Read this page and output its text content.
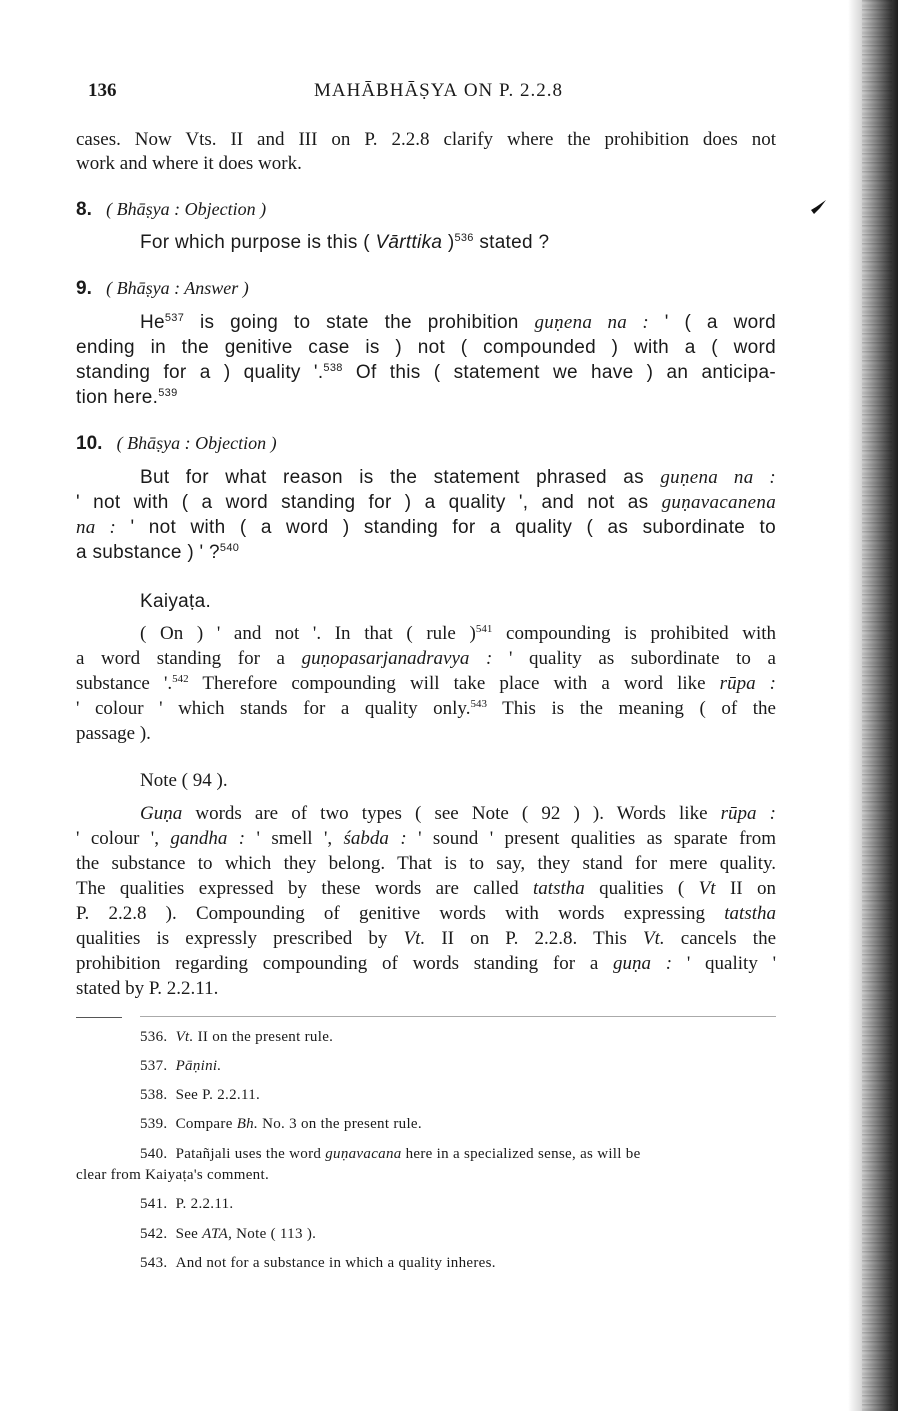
136	MAHĀBHĀṢYA ON P. 2.2.8
cases. Now Vts. II and III on P. 2.2.8 clarify where the prohibition does not
work and where it does work.
8. ( Bhāṣya : Objection )
For which purpose is this ( Vārttika )$^{536}$ stated ?
9. ( Bhāṣya : Answer )
He$^{537}$ is going to state the prohibition guṇena na : ' ( a word
ending in the genitive case is ) not ( compounded ) with a ( word
standing for a ) quality '.$^{538}$ Of this ( statement we have ) an anticipa-
tion here.$^{539}$
10. ( Bhāṣya : Objection )
But for what reason is the statement phrased as guṇena na :
' not with ( a word standing for ) a quality ', and not as guṇavacanena
na : ' not with ( a word ) standing for a quality ( as subordinate to
a substance ) ' ?$^{540}$
Kaiyaṭa.
( On ) ' and not '. In that ( rule )$^{541}$ compounding is prohibited with
a word standing for a guṇopasarjanadravya : ' quality as subordinate to a
substance '.$^{542}$ Therefore compounding will take place with a word like rūpa :
' colour ' which stands for a quality only.$^{543}$ This is the meaning ( of the
passage ).
Note ( 94 ).
Guṇa words are of two types ( see Note ( 92 ) ). Words like rūpa :
' colour ', gandha : ' smell ', śabda : ' sound ' present qualities as sparate from
the substance to which they belong. That is to say, they stand for mere quality.
The qualities expressed by these words are called tatstha qualities ( Vt II on
P. 2.2.8 ). Compounding of genitive words with words expressing tatstha
qualities is expressly prescribed by Vt. II on P. 2.2.8. This Vt. cancels the
prohibition regarding compounding of words standing for a guṇa : ' quality '
stated by P. 2.2.11.
536. Vt. II on the present rule.
537. Pāṇini.
538. See P. 2.2.11.
539. Compare Bh. No. 3 on the present rule.
540. Patañjali uses the word guṇavacana here in a specialized sense, as will be
clear from Kaiyaṭa's comment.
541. P. 2.2.11.
542. See ATA, Note ( 113 ).
543. And not for a substance in which a quality inheres.
